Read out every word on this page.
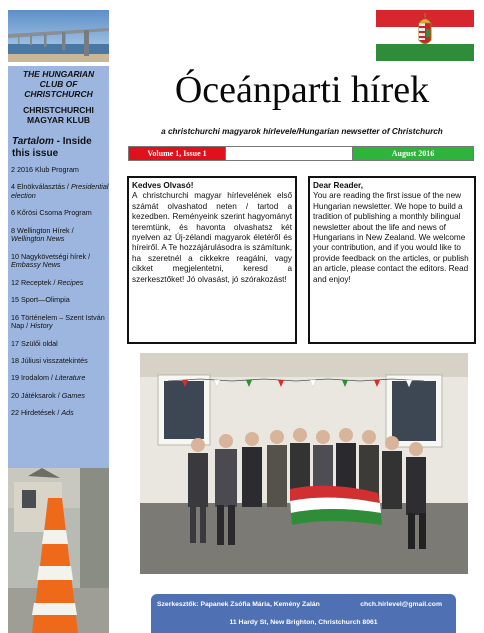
THE HUNGARIAN CLUB OF CHRISTCHURCH
CHRISTCHURCHI MAGYAR KLUB
Tartalom - Inside this issue
2 2016 Klub Program
4 Elnökválasztás / Presidential election
6 Kőrösi Csoma Program
8 Wellington Hírek / Wellington News
10 Nagykövetségi hírek / Embassy News
12 Receptek / Recipes
15 Sport—Olimpia
16 Történelem – Szent István Nap / History
17 Szülői oldal
18 Júliusi visszatekintés
19 Irodalom / Literature
20 Játéksarok / Games
22 Hirdetések / Ads
Óceánparti hírek
a christchurchi magyarok hírlevele/Hungarian newsetter of Christchurch
Volume 1, Issue 1	August 2016
Kedves Olvasó!
A christchurchi magyar hírlevelének első számát olvashatod neten / tartod a kezedben. Reményeink szerint hagyományt teremtünk, és havonta olvashatsz két nyelven az Új-zélandi magyarok életéről és híreiről. A Te hozzájárulásodra is számítunk, ha szeretnél a cikkekre reagálni, vagy cikket megjelentetni, keresd a szerkesztőket! Jó olvasást, jó szórakozást!
Dear Reader,
You are reading the first issue of the new Hungarian newsletter. We hope to build a tradition of publishing a monthly bilingual newsletter about the life and news of Hungarians in New Zealand. We welcome your contribution, and if you would like to provide feedback on the articles, or publish an article, please contact the editors. Read and enjoy!
Szerkesztők: Papanek Zsófia Mária, Kemény Zalán	chch.hirlevel@gmail.com
11 Hardy St, New Brighton, Christchurch 8061
